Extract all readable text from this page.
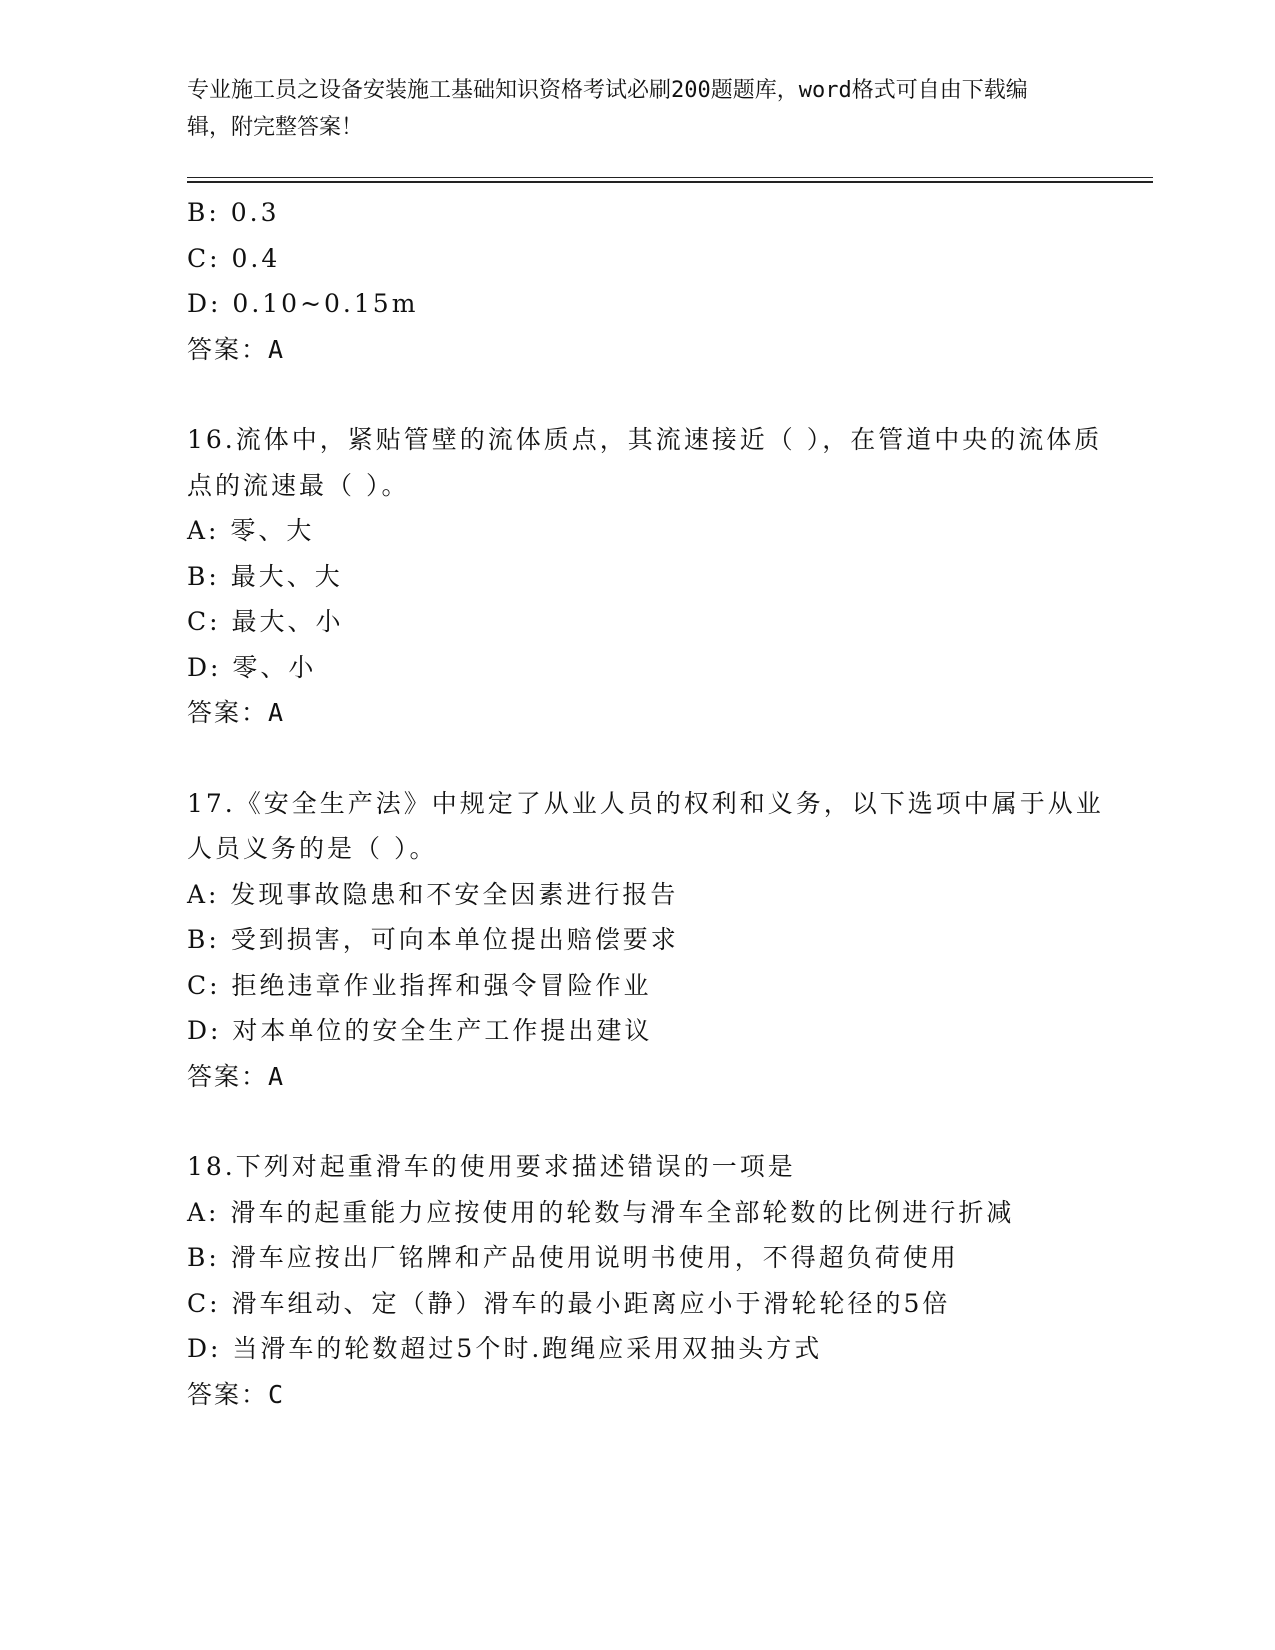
专业施工员之设备安装施工基础知识资格考试必刷200题题库，word格式可自由下载编辑，附完整答案！
B: 0.3
C: 0.4
D: 0.10~0.15m
答案：A
16.流体中，紧贴管壁的流体质点，其流速接近（ ），在管道中央的流体质点的流速最（ ）。
A: 零、大
B: 最大、大
C: 最大、小
D: 零、小
答案：A
17.《安全生产法》中规定了从业人员的权利和义务，以下选项中属于从业人员义务的是（ ）。
A: 发现事故隐患和不安全因素进行报告
B: 受到损害，可向本单位提出赔偿要求
C: 拒绝违章作业指挥和强令冒险作业
D: 对本单位的安全生产工作提出建议
答案：A
18.下列对起重滑车的使用要求描述错误的一项是
A: 滑车的起重能力应按使用的轮数与滑车全部轮数的比例进行折减
B: 滑车应按出厂铭牌和产品使用说明书使用，不得超负荷使用
C: 滑车组动、定（静）滑车的最小距离应小于滑轮轮径的5倍
D: 当滑车的轮数超过5个时.跑绳应采用双抽头方式
答案：C
